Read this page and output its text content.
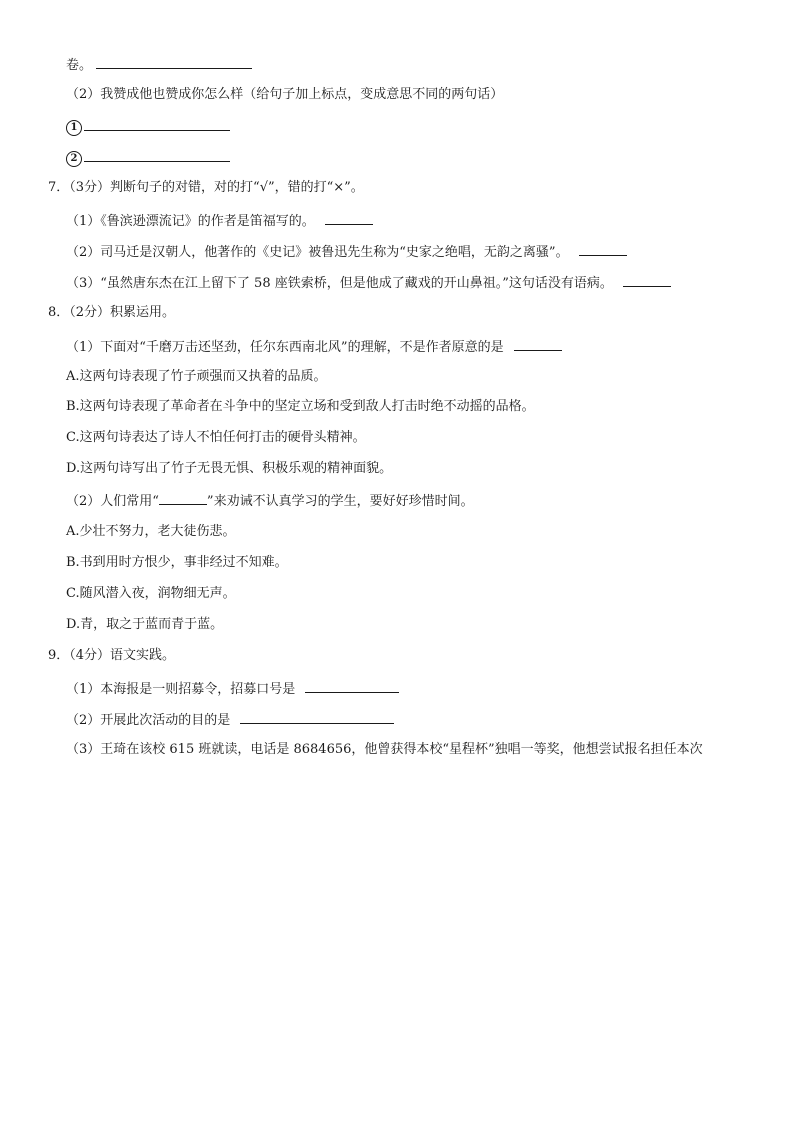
卷。
（2）我赞成他也赞成你怎么样（给句子加上标点，变成意思不同的两句话）
1
2
7．（3分）判断句子的对错，对的打“√”，错的打“×”。
（1）《鲁滨逊漂流记》的作者是笛福写的。
（2）司马迁是汉朝人，他著作的《史记》被鲁迅先生称为“史家之绝唱，无韵之离骚”。
（3）“虽然唐东杰在江上留下了 58 座铁索桥，但是他成了藏戏的开山鼻祖。”这句话没有语病。
8．（2分）积累运用。
（1）下面对“千磨万击还坚劲，任尔东西南北风”的理解，不是作者原意的是
A.这两句诗表现了竹子顽强而又执着的品质。
B.这两句诗表现了革命者在斗争中的坚定立场和受到敌人打击时绝不动摇的品格。
C.这两句诗表达了诗人不怕任何打击的硬骨头精神。
D.这两句诗写出了竹子无畏无惧、积极乐观的精神面貌。
（2）人们常用“	”来劝诫不认真学习的学生，要好好珍惜时间。
A.少壮不努力，老大徒伤悲。
B.书到用时方恨少，事非经过不知难。
C.随风潜入夜，润物细无声。
D.青，取之于蓝而青于蓝。
9．（4分）语文实践。
（1）本海报是一则招募令，招募口号是
（2）开展此次活动的目的是
（3）王琦在该校 615 班就读，电话是 8684656，他曾获得本校“星程杯”独唱一等奖，他想尝试报名担任本次
